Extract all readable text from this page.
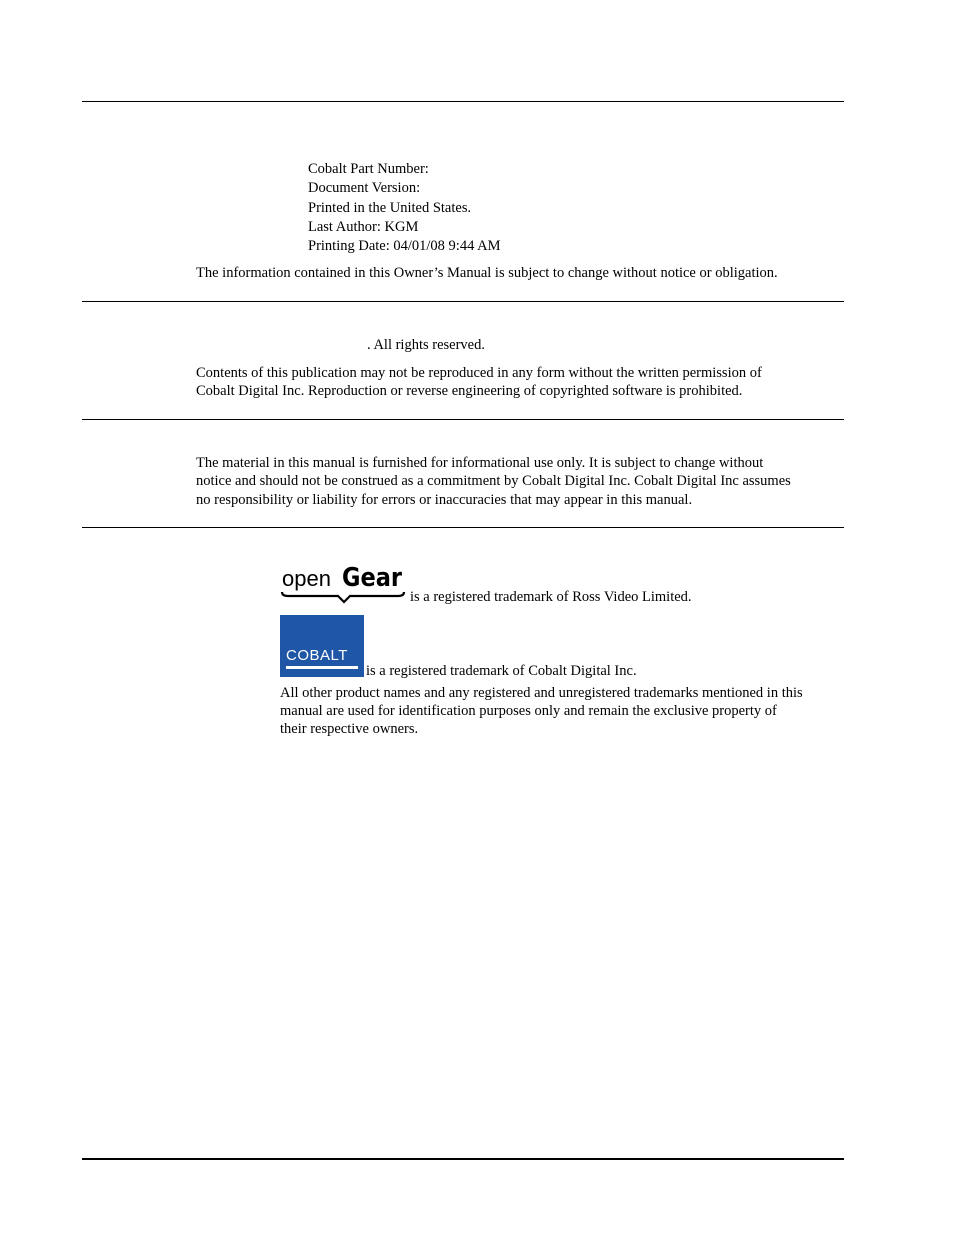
Cobalt Part Number:
Document Version:
Printed in the United States.
Last Author: KGM
Printing Date: 04/01/08 9:44 AM
The information contained in this Owner’s Manual is subject to change without notice or obligation.
. All rights reserved.
Contents of this publication may not be reproduced in any form without the written permission of
Cobalt Digital Inc. Reproduction or reverse engineering of copyrighted software is prohibited.
The material in this manual is furnished for informational use only. It is subject to change without
notice and should not be construed as a commitment by Cobalt Digital Inc. Cobalt Digital Inc assumes
no responsibility or liability for errors or inaccuracies that may appear in this manual.
open Gear
is a registered trademark of Ross Video Limited.
COBALT
is a registered trademark of Cobalt Digital Inc.
All other product names and any registered and unregistered trademarks mentioned in this
manual are used for identification purposes only and remain the exclusive property of
their respective owners.
